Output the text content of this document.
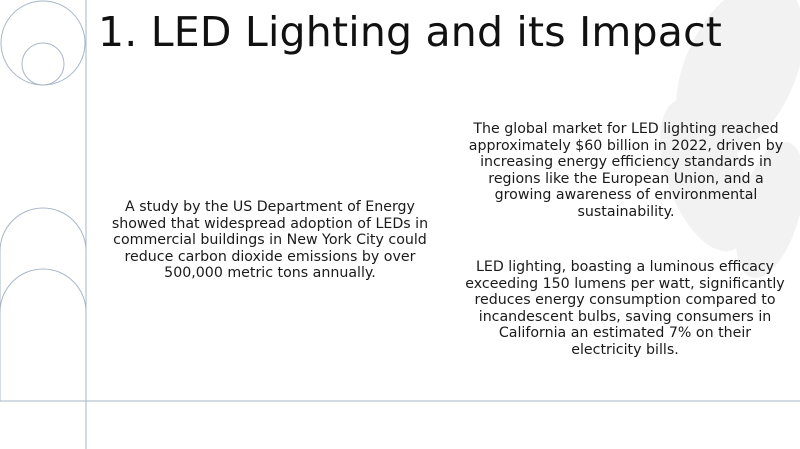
1. LED Lighting and its Impact

A study by the US Department of Energy showed that widespread adoption of LEDs in commercial buildings in New York City could reduce carbon dioxide emissions by over 500,000 metric tons annually.

The global market for LED lighting reached approximately $60 billion in 2022, driven by increasing energy efficiency standards in regions like the European Union, and a growing awareness of environmental sustainability.

LED lighting, boasting a luminous efficacy exceeding 150 lumens per watt, significantly reduces energy consumption compared to incandescent bulbs, saving consumers in California an estimated 7% on their electricity bills.
